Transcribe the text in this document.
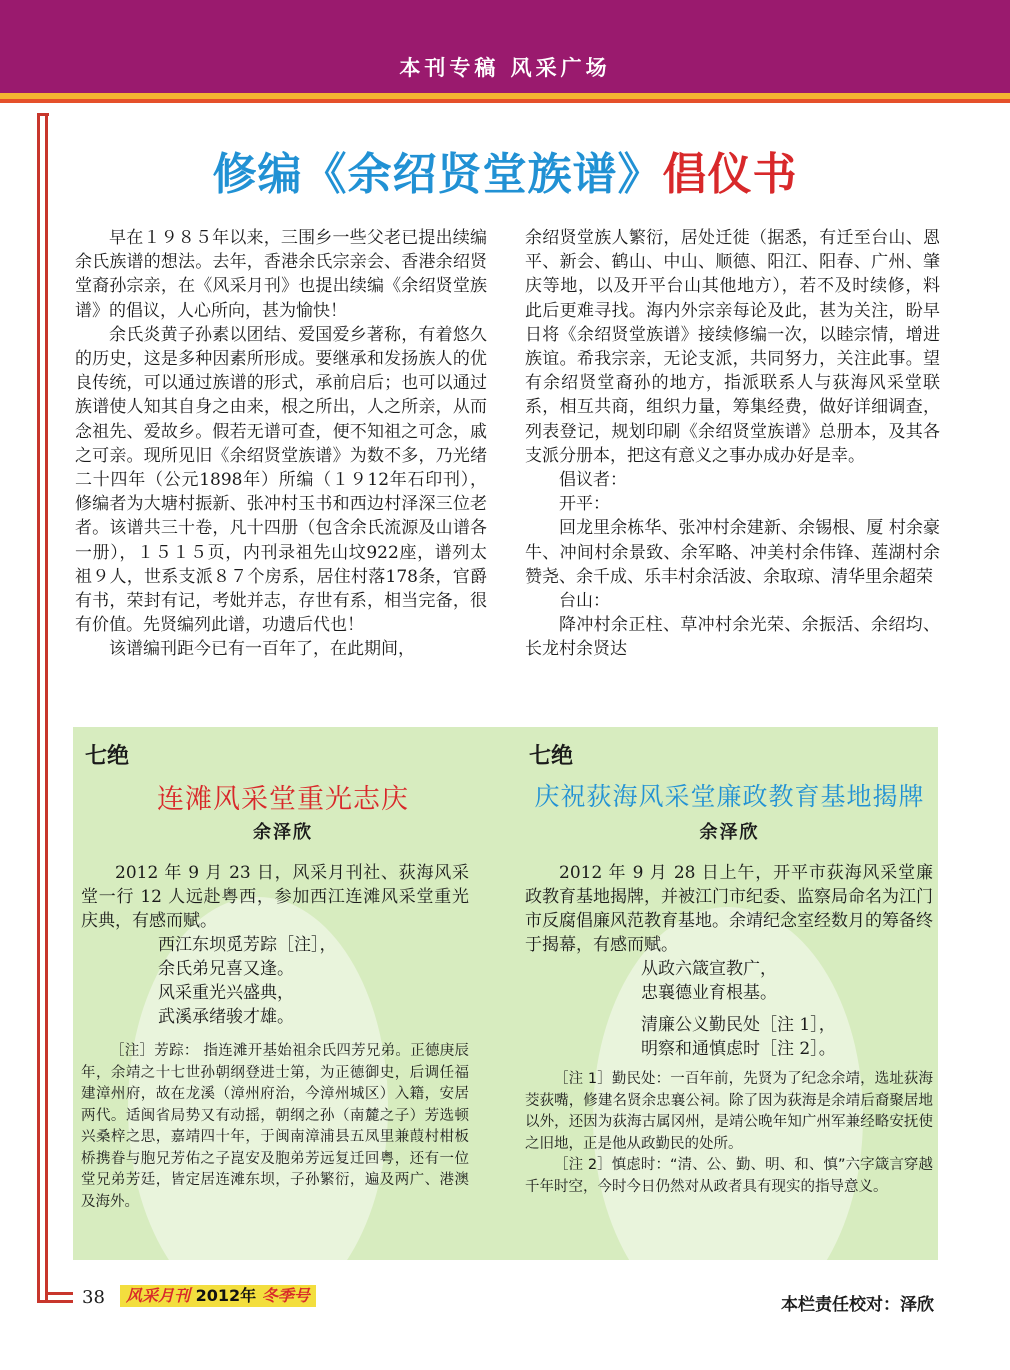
本刊专稿 风采广场
修编《余绍贤堂族谱》倡仪书

早在１９８５年以来，三围乡一些父老已提出续编余氏族谱的想法。去年，香港余氏宗亲会、香港余绍贤堂裔孙宗亲，在《风采月刊》也提出续编《余绍贤堂族谱》的倡议，人心所向，甚为愉快！

余氏炎黄子孙素以团结、爱国爱乡著称，有着悠久的历史，这是多种因素所形成。要继承和发扬族人的优良传统，可以通过族谱的形式，承前启后；也可以通过族谱使人知其自身之由来，根之所出，人之所亲，从而念祖先、爱故乡。假若无谱可查，便不知祖之可念，戚之可亲。现所见旧《余绍贤堂族谱》为数不多，乃光绪二十四年（公元1898年）所编（１９12年石印刊），修编者为大塘村振新、张冲村玉书和西边村泽深三位老者。该谱共三十卷，凡十四册（包含余氏流源及山谱各一册），１５１５页，内刊录祖先山坟922座，谱列太祖９人，世系支派８７个房系，居住村落178条，官爵有书，荣封有记，考妣并志，存世有系，相当完备，很有价值。先贤编列此谱，功遗后代也！

该谱编刊距今已有一百年了，在此期间，

余绍贤堂族人繁衍，居处迁徙（据悉，有迁至台山、恩平、新会、鹤山、中山、顺德、阳江、阳春、广州、肇庆等地，以及开平台山其他地方），若不及时续修，料此后更难寻找。海内外宗亲每论及此，甚为关注，盼早日将《余绍贤堂族谱》接续修编一次，以睦宗情，增进族谊。希我宗亲，无论支派，共同努力，关注此事。望有余绍贤堂裔孙的地方，指派联系人与荻海风采堂联系，相互共商，组织力量，筹集经费，做好详细调查，列表登记，规划印刷《余绍贤堂族谱》总册本，及其各支派分册本，把这有意义之事办成办好是幸。

倡议者：

开平：

回龙里余栋华、张冲村余建新、余锡根、厦 村余豪牛、冲间村余景致、余军略、冲美村余伟锋、莲湖村余赞尧、余千成、乐丰村余活波、余取琼、清华里余超荣

台山：

降冲村余正柱、草冲村余光荣、余振活、余绍均、长龙村余贤达

七绝
连滩风采堂重光志庆
余泽欣

2012 年 9 月 23 日，风采月刊社、荻海风采堂一行 12 人远赴粤西，参加西江连滩风采堂重光庆典，有感而赋。

西江东坝觅芳踪［注］，
余氏弟兄喜又逢。
风采重光兴盛典，
武溪承绪骏才雄。

［注］芳踪： 指连滩开基始祖余氏四芳兄弟。正德庚辰年，余靖之十七世孙朝纲登进士第，为正德御史，后调任福建漳州府，故在龙溪（漳州府治，今漳州城区）入籍，安居两代。适闽省局势又有动摇，朝纲之孙（南麓之子）芳选顿兴桑梓之思，嘉靖四十年，于闽南漳浦县五凤里兼葭村柑板桥携眷与胞兄芳佑之子崑安及胞弟芳远复迁回粤，还有一位堂兄弟芳廷，皆定居连滩东坝，子孙繁衍，遍及两广、港澳及海外。

七绝
庆祝荻海风采堂廉政教育基地揭牌
余泽欣

2012 年 9 月 28 日上午，开平市荻海风采堂廉政教育基地揭牌，并被江门市纪委、监察局命名为江门市反腐倡廉风范教育基地。余靖纪念室经数月的筹备终于揭幕，有感而赋。

从政六箴宣教广，
忠襄德业育根基。
清廉公义勤民处［注 1］，
明察和通慎虑时［注 2］。

［注 1］勤民处：一百年前，先贤为了纪念余靖，选址荻海茭荻嘴，修建名贤余忠襄公祠。除了因为荻海是余靖后裔聚居地以外，还因为荻海古属冈州，是靖公晚年知广州军兼经略安抚使之旧地，正是他从政勤民的处所。

［注 2］慎虑时：“清、公、勤、明、和、慎”六字箴言穿越千年时空，今时今日仍然对从政者具有现实的指导意义。

38	风采月刊 2012年 冬季号	本栏责任校对：泽欣
